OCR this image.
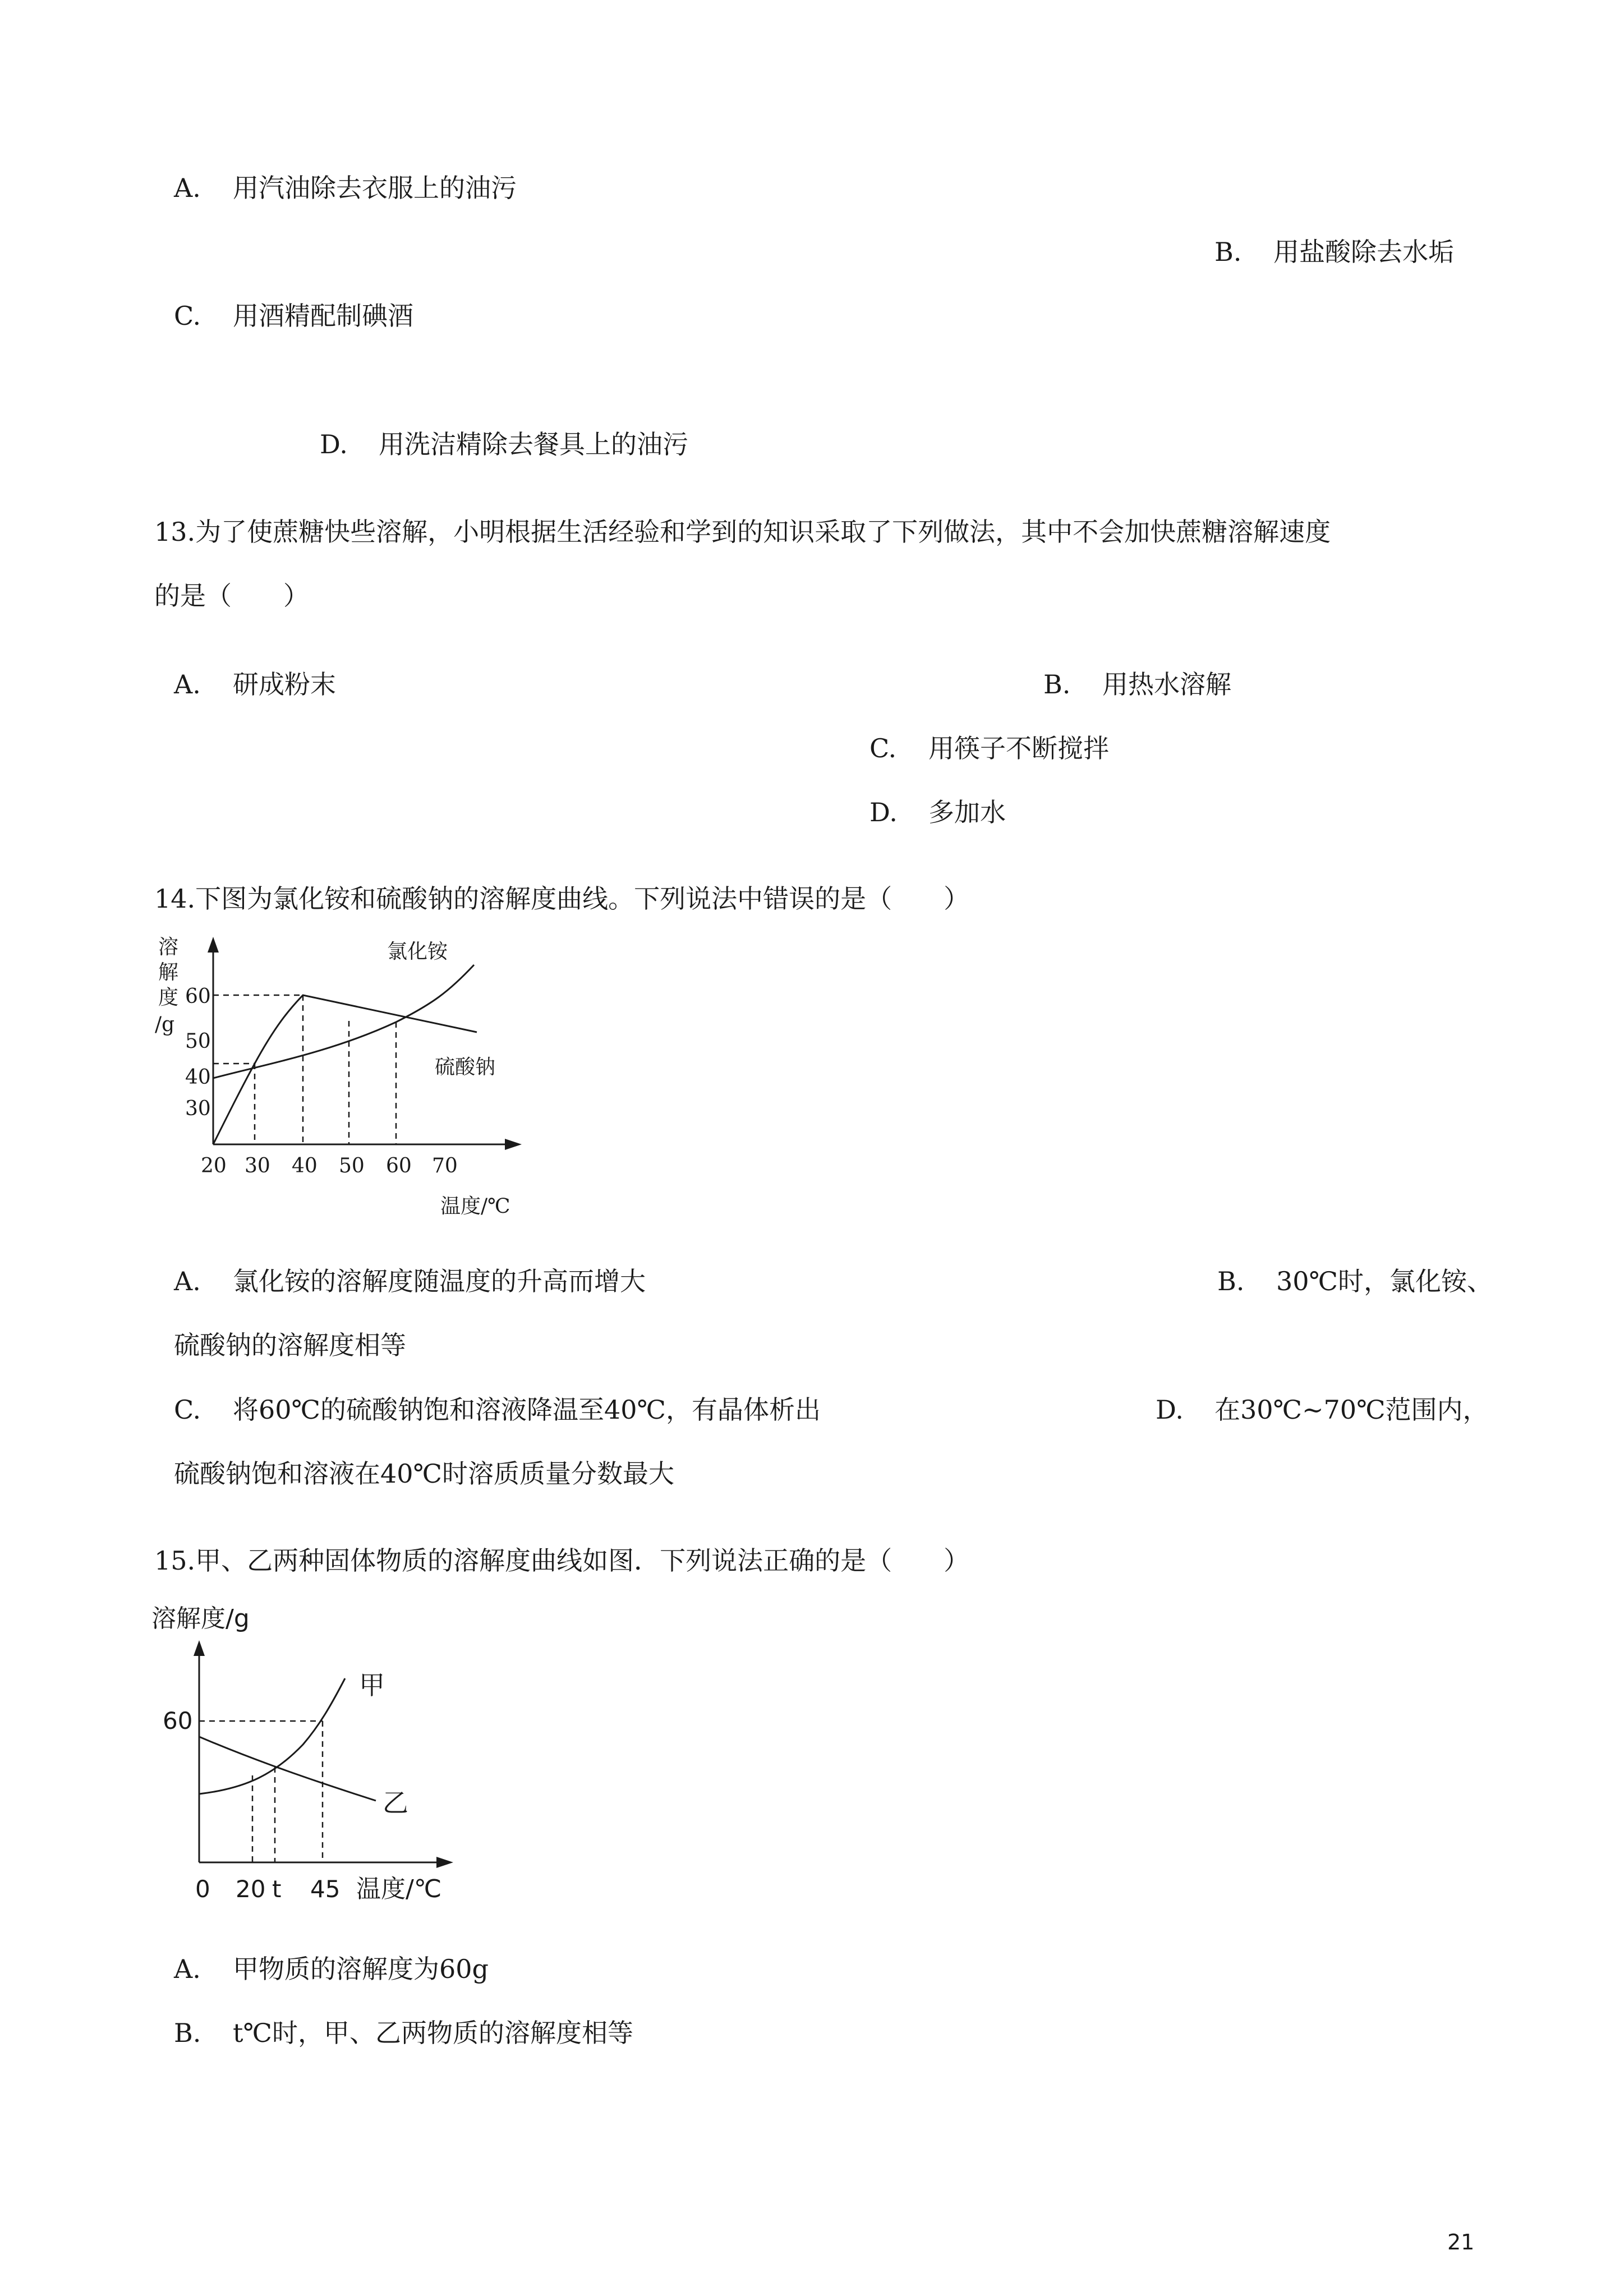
A. 用汽油除去衣服上的油污
B. 用盐酸除去水垢
C. 用酒精配制碘酒
D. 用洗洁精除去餐具上的油污
13.为了使蔗糖快些溶解，小明根据生活经验和学到的知识采取了下列做法，其中不会加快蔗糖溶解速度
的是（　　）
A. 研成粉末	B. 用热水溶解
C. 用筷子不断搅拌
D. 多加水
14.下图为氯化铵和硫酸钠的溶解度曲线。下列说法中错误的是（　　）
溶
解
度
/g
30
40
50
60
20 30 40 50 60 70
温度/℃
氯化铵
硫酸钠
A. 氯化铵的溶解度随温度的升高而增大	B. 30℃时，氯化铵、
硫酸钠的溶解度相等
C. 将60℃的硫酸钠饱和溶液降温至40℃，有晶体析出	D. 在30℃~70℃范围内，
硫酸钠饱和溶液在40℃时溶质质量分数最大
15.甲、乙两种固体物质的溶解度曲线如图．下列说法正确的是（　　）
溶解度/g
60
0 20 t 45 温度/℃
甲
乙
A. 甲物质的溶解度为60g
B. t℃时，甲、乙两物质的溶解度相等
21
